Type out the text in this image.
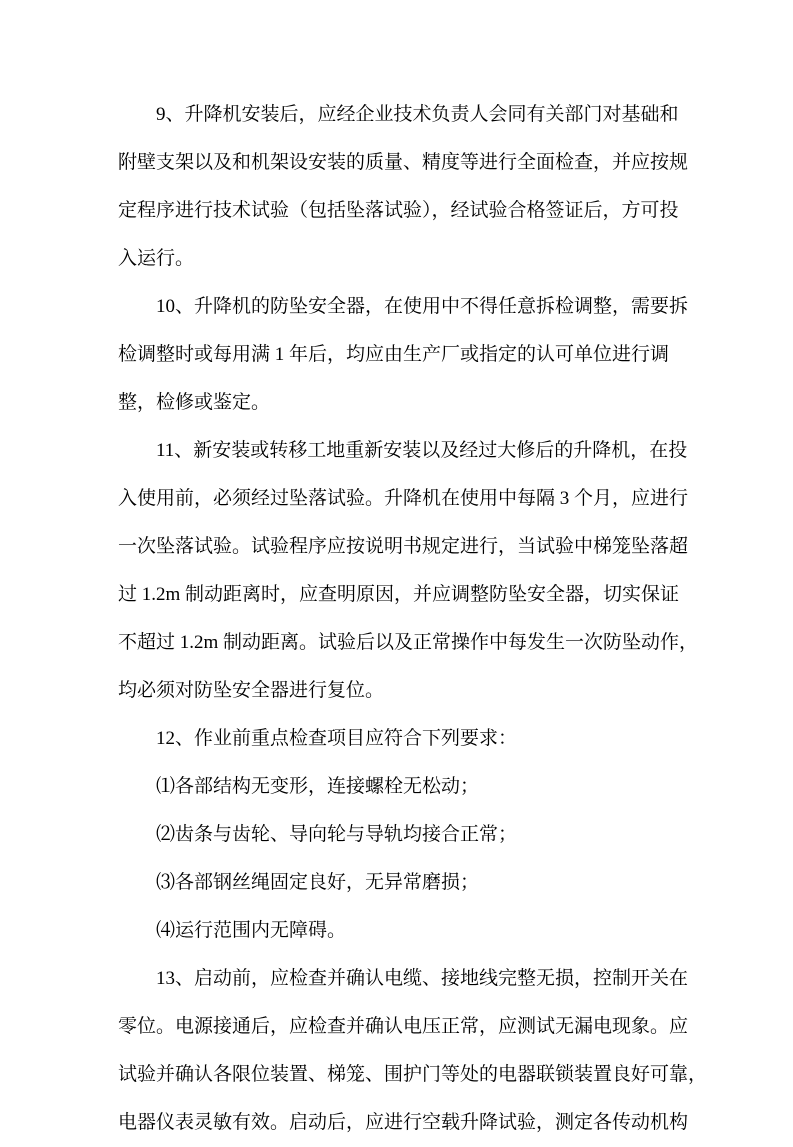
9、升降机安装后，应经企业技术负责人会同有关部门对基础和
附壁支架以及和机架设安装的质量、精度等进行全面检查，并应按规
定程序进行技术试验（包括坠落试验），经试验合格签证后，方可投
入运行。
10、升降机的防坠安全器，在使用中不得任意拆检调整，需要拆
检调整时或每用满 1 年后，均应由生产厂或指定的认可单位进行调
整，检修或鉴定。
11、新安装或转移工地重新安装以及经过大修后的升降机，在投
入使用前，必须经过坠落试验。升降机在使用中每隔 3 个月，应进行
一次坠落试验。试验程序应按说明书规定进行，当试验中梯笼坠落超
过 1.2m 制动距离时，应查明原因，并应调整防坠安全器，切实保证
不超过 1.2m 制动距离。试验后以及正常操作中每发生一次防坠动作，
均必须对防坠安全器进行复位。
12、作业前重点检查项目应符合下列要求：
⑴各部结构无变形，连接螺栓无松动；
⑵齿条与齿轮、导向轮与导轨均接合正常；
⑶各部钢丝绳固定良好，无异常磨损；
⑷运行范围内无障碍。
13、启动前，应检查并确认电缆、接地线完整无损，控制开关在
零位。电源接通后，应检查并确认电压正常，应测试无漏电现象。应
试验并确认各限位装置、梯笼、围护门等处的电器联锁装置良好可靠，
电器仪表灵敏有效。启动后，应进行空载升降试验，测定各传动机构
